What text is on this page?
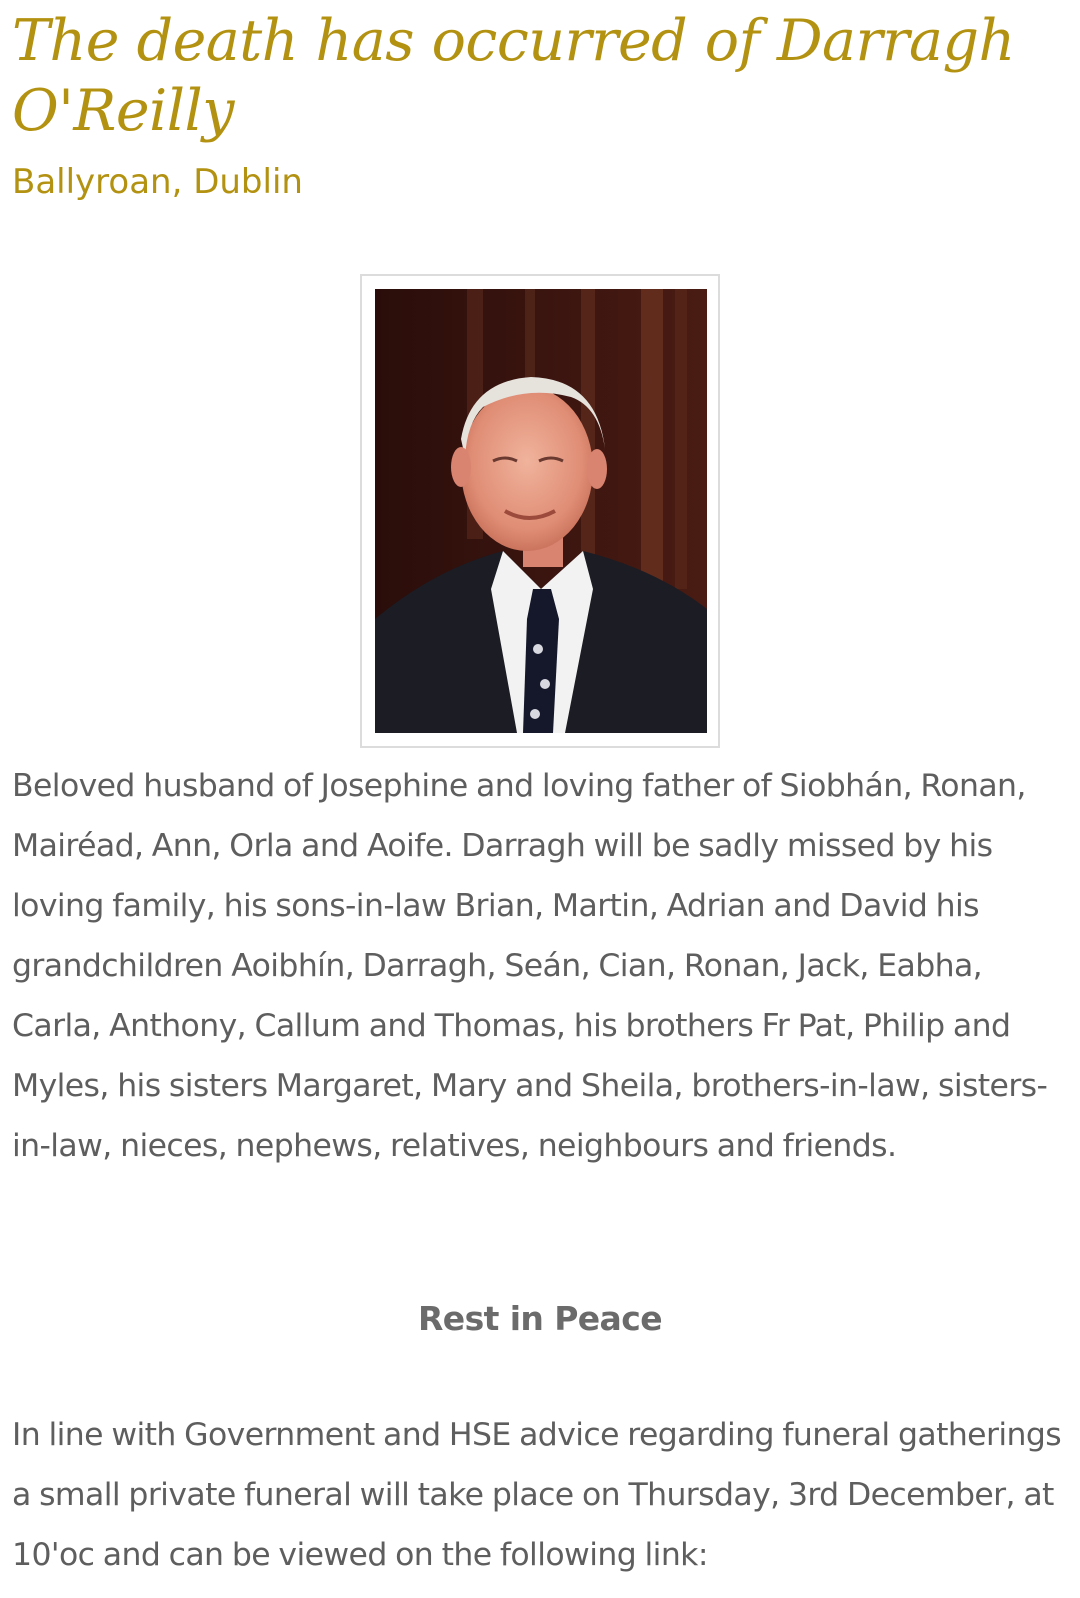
The death has occurred of Darragh O'Reilly

Ballyroan, Dublin

Beloved husband of Josephine and loving father of Siobhán, Ronan, Mairéad, Ann, Orla and Aoife. Darragh will be sadly missed by his loving family, his sons-in-law Brian, Martin, Adrian and David his grandchildren Aoibhín, Darragh, Seán, Cian, Ronan, Jack, Eabha, Carla, Anthony, Callum and Thomas, his brothers Fr Pat, Philip and Myles, his sisters Margaret, Mary and Sheila, brothers-in-law, sisters-in-law, nieces, nephews, relatives, neighbours and friends.

Rest in Peace

In line with Government and HSE advice regarding funeral gatherings a small private funeral will take place on Thursday, 3rd December, at 10'oc and can be viewed on the following link:
